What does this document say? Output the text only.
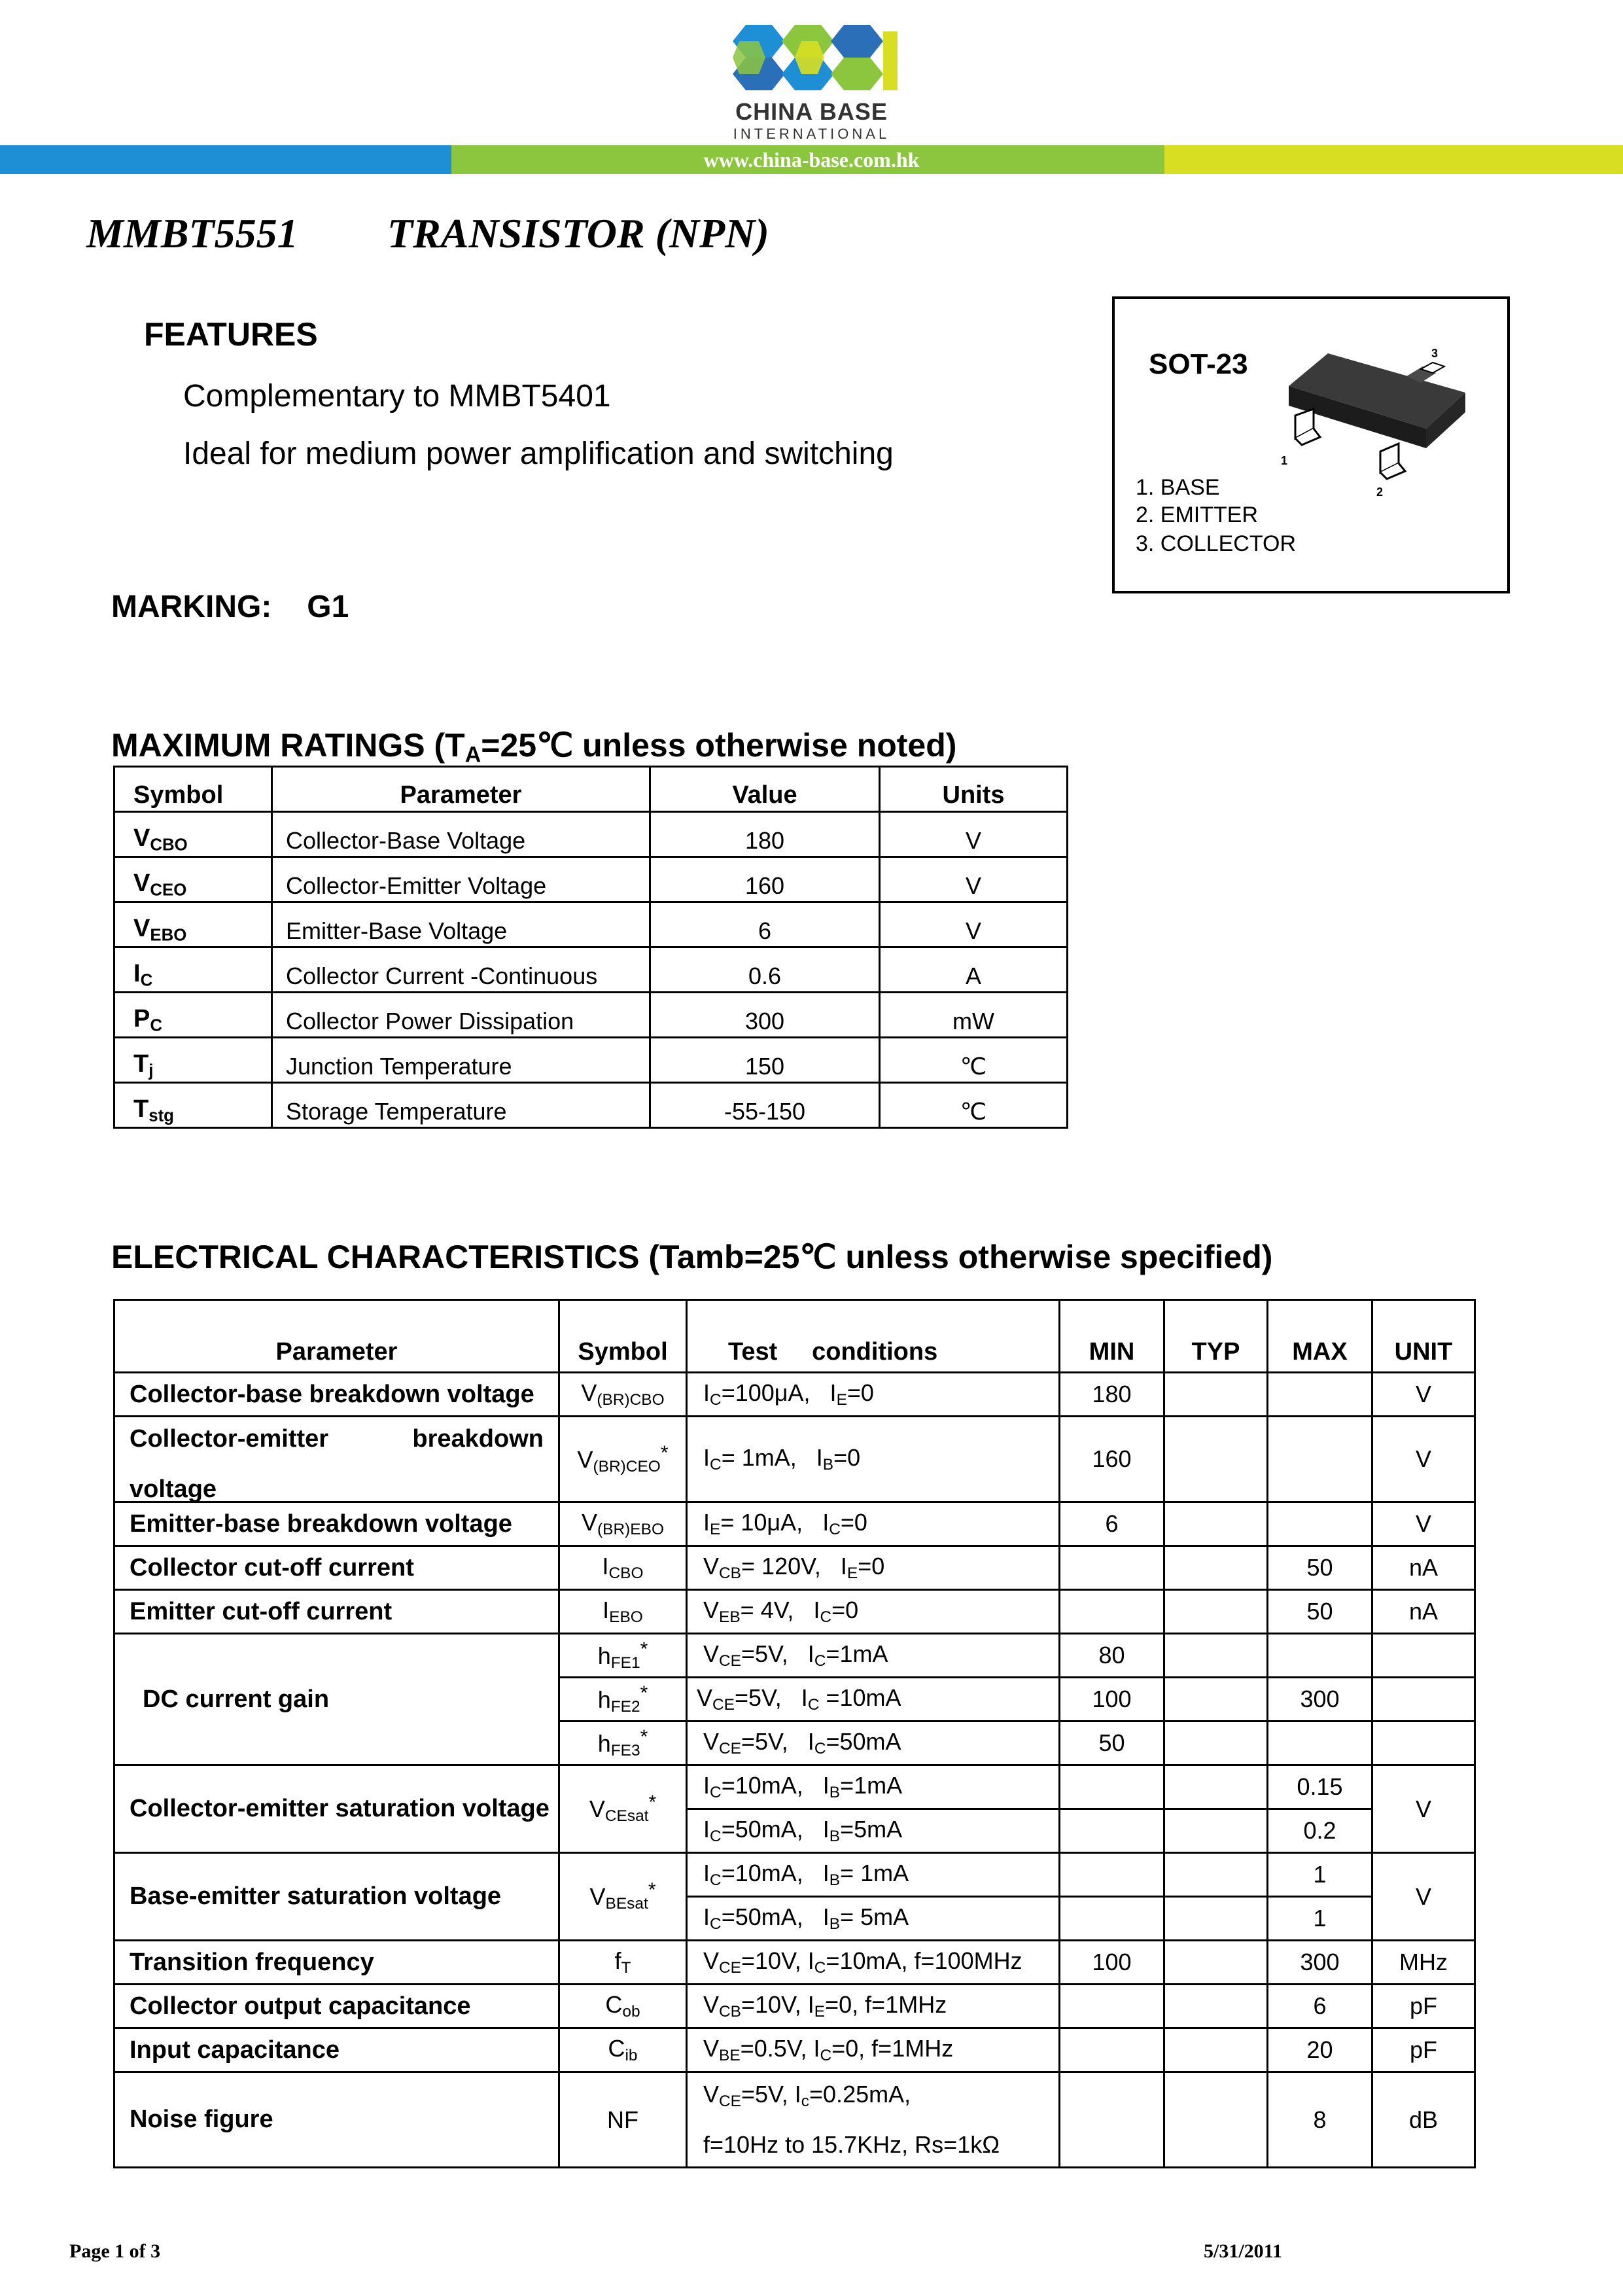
CHINA BASE
INTERNATIONAL
www.china-base.com.hk
MMBT5551 TRANSISTOR (NPN)
FEATURES
Complementary to MMBT5401
Ideal for medium power amplification and switching
SOT-23	3
1
2
1. BASE
2. EMITTER
3. COLLECTOR
MARKING: G1
MAXIMUM RATINGS ($T_A=25℃$ unless otherwise noted)
Symbol	Parameter	Value	Units
$V_{CBO}$	Collector-Base Voltage	180	V
$V_{CEO}$	Collector-Emitter Voltage	160	V
$V_{EBO}$	Emitter-Base Voltage	6	V
$I_C$	Collector Current -Continuous	0.6	A
$P_C$	Collector Power Dissipation	300	mW
$T_j$	Junction Temperature	150	℃
$T_{stg}$	Storage Temperature	-55-150	℃
ELECTRICAL CHARACTERISTICS (Tamb=25℃ unless otherwise specified)
Parameter	Symbol	Test     conditions	MIN	TYP	MAX	UNIT
Collector-base breakdown voltage	$V_{(BR)CBO}$	$I_C=100\mu A$, $I_E=0$	180			V

Collector-emitter breakdown
voltage	$V_{(BR)CEO}^*$	$I_C= 1mA$, $I_B=0$	160			V
Emitter-base breakdown voltage	$V_{(BR)EBO}$	$I_E= 10\mu A$, $I_C=0$	6			V
Collector cut-off current	$I_{CBO}$	$V_{CB}= 120V$, $I_E=0$			50	nA
Emitter cut-off current	$I_{EBO}$	$V_{EB}= 4V$, $I_C=0$			50	nA
DC current gain	$h_{FE1}^*$	$V_{CE}=5V$, $I_C=1mA$	80			
	$h_{FE2}^*$	$V_{CE}=5V$, $I_C =10mA$	100		300	
	$h_{FE3}^*$	$V_{CE}=5V$, $I_C=50mA$	50			
Collector-emitter saturation voltage	$V_{CEsat}^*$	$I_C=10mA$, $I_B=1mA$			0.15	V
		$I_C=50mA$, $I_B=5mA$			0.2	
Base-emitter saturation voltage	$V_{BEsat}^*$	$I_C=10mA$, $I_B= 1mA$			1	V
		$I_C=50mA$, $I_B= 5mA$			1	
Transition frequency	$f_T$	$V_{CE}=10V$, $I_C=10mA$, f=100MHz	100		300	MHz
Collector output capacitance	$C_{ob}$	$V_{CB}=10V$, $I_E=0$, f=1MHz			6	pF
Input capacitance	$C_{ib}$	$V_{BE}=0.5V$, $I_C=0$, f=1MHz			20	pF
Noise figure	NF	$V_{CE}=5V$, $I_c=0.25mA$,
f=10Hz to 15.7KHz, Rs=1kΩ			8	dB
Page 1 of 3	5/31/2011
